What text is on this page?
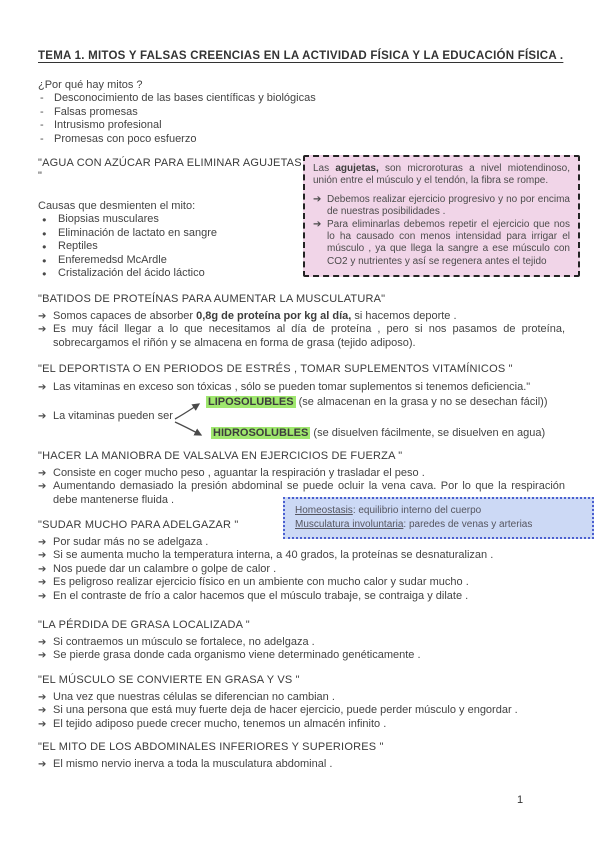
TEMA 1. MITOS Y FALSAS CREENCIAS EN LA ACTIVIDAD FÍSICA Y LA EDUCACIÓN FÍSICA .
¿Por qué hay mitos ?
- Desconocimiento de las bases científicas y biológicas
- Falsas promesas
- Intrusismo profesional
- Promesas con poco esfuerzo
"AGUA CON AZÚCAR PARA ELIMINAR AGUJETAS "
Causas que desmienten el mito:
●	Biopsias musculares
●	Eliminación de lactato en sangre
●	Reptiles
●	Enferemedsd McArdle
●	Cristalización del ácido láctico
Las agujetas, son microroturas a nivel miotendinoso, unión entre el músculo y el tendón, la fibra se rompe.
➔ Debemos realizar ejercicio progresivo y no por encima de nuestras posibilidades .
➔ Para eliminarlas debemos repetir el ejercicio que nos lo ha causado con menos intensidad para irrigar el músculo , ya que llega la sangre a ese músculo con CO2 y nutrientes y así se regenera antes el tejido
"BATIDOS DE PROTEÍNAS PARA AUMENTAR LA MUSCULATURA"
➔ Somos capaces de absorber 0,8g de proteína por kg al día, si hacemos deporte .
➔ Es muy fácil llegar a lo que necesitamos al día de proteína , pero si nos pasamos de proteína, sobrecargamos el riñón y se almacena en forma de grasa (tejido adiposo).
"EL DEPORTISTA O EN PERIODOS DE ESTRÉS , TOMAR SUPLEMENTOS VITAMÍNICOS "
➔ Las vitaminas en exceso son tóxicas , sólo se pueden tomar suplementos si tenemos deficiencia."
LIPOSOLUBLES (se almacenan en la grasa y no se desechan fácil))
➔ La vitaminas pueden ser
HIDROSOLUBLES (se disuelven fácilmente, se disuelven en agua)
"HACER LA MANIOBRA DE VALSALVA EN EJERCICIOS DE FUERZA "
➔ Consiste en coger mucho peso , aguantar la respiración y trasladar el peso .
➔ Aumentando demasiado la presión abdominal se puede ocluir la vena cava. Por lo que la respiración debe mantenerse fluida .
Homeostasis: equilibrio interno del cuerpo
Musculatura involuntaria: paredes de venas y arterias
"SUDAR MUCHO PARA ADELGAZAR "
➔ Por sudar más no se adelgaza .
➔ Si se aumenta mucho la temperatura interna, a 40 grados, la proteínas se desnaturalizan .
➔ Nos puede dar un calambre o golpe de calor .
➔ Es peligroso realizar ejercicio físico en un ambiente con mucho calor y sudar mucho .
➔ En el contraste de frío a calor hacemos que el músculo trabaje, se contraiga y dilate .
"LA PÉRDIDA DE GRASA LOCALIZADA "
➔ Si contraemos un músculo se fortalece, no adelgaza .
➔ Se pierde grasa donde cada organismo viene determinado genéticamente .
"EL MÚSCULO SE CONVIERTE EN GRASA Y VS "
➔ Una vez que nuestras células se diferencian no cambian .
➔ Si una persona que está muy fuerte deja de hacer ejercicio, puede perder músculo y engordar .
➔ El tejido adiposo puede crecer mucho, tenemos un almacén infinito .
"EL MITO DE LOS ABDOMINALES INFERIORES Y SUPERIORES "
➔ El mismo nervio inerva a toda la musculatura abdominal .
1
